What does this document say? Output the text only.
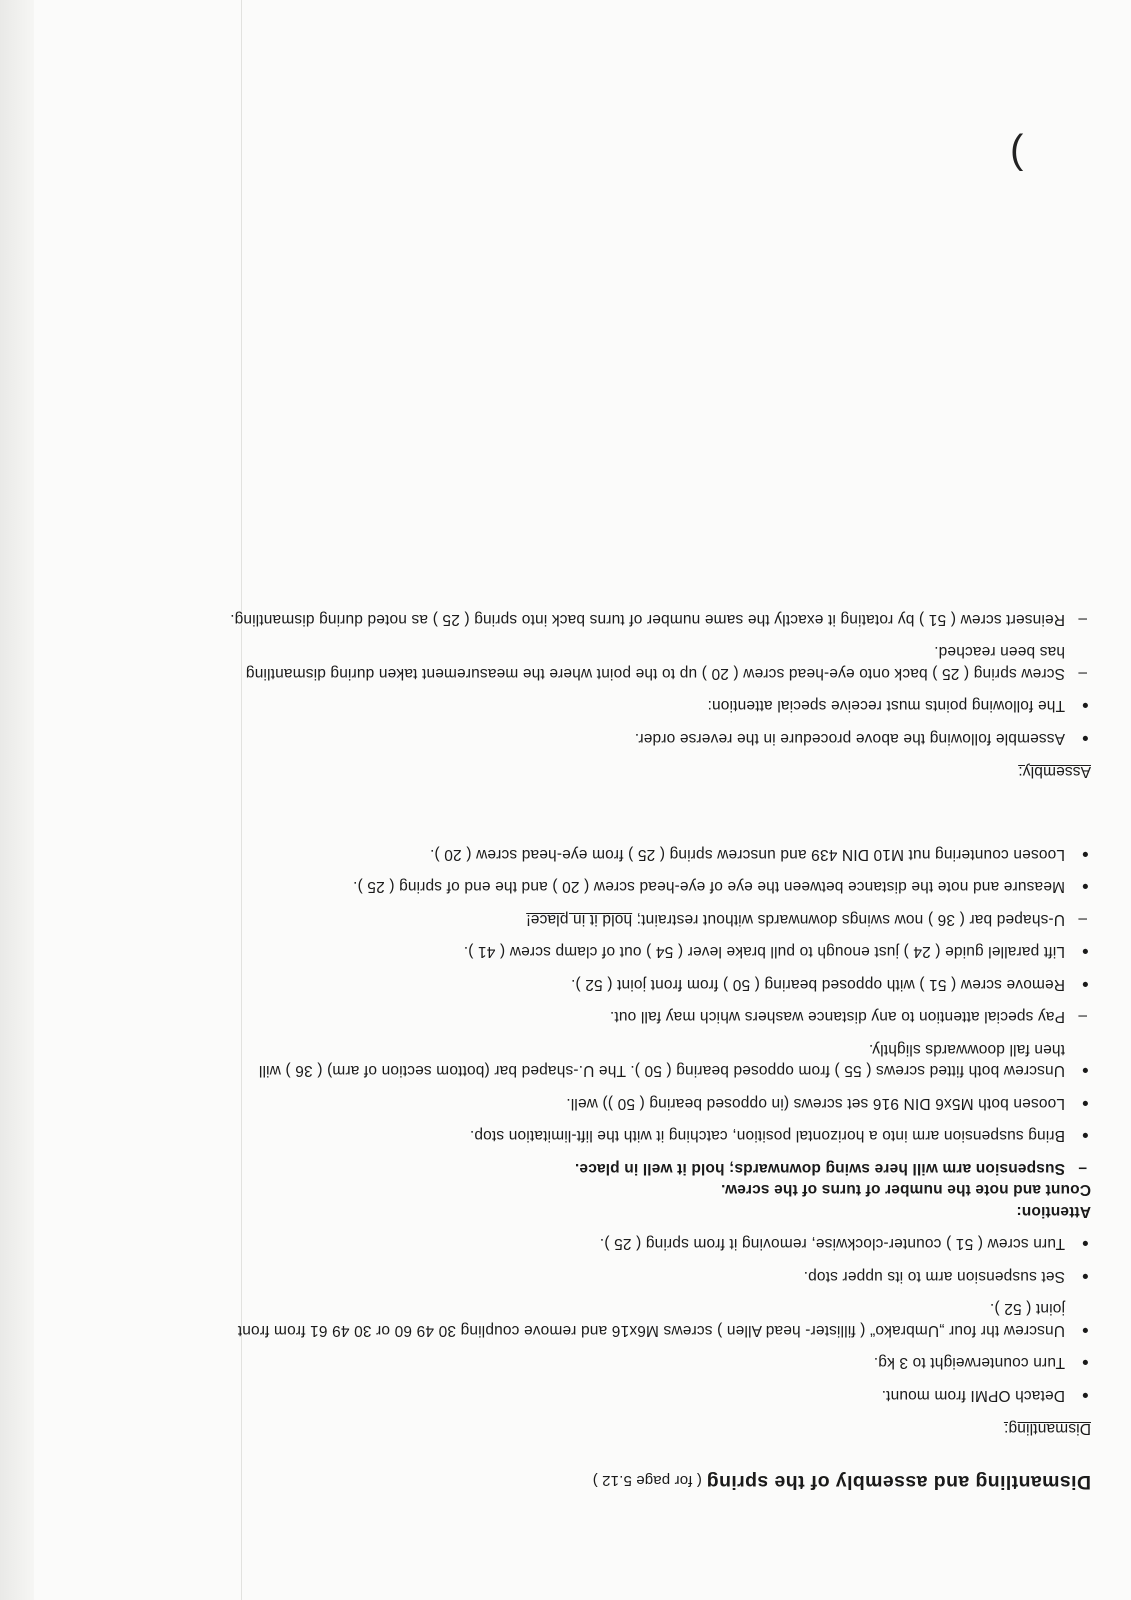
)
Dismantling and assembly of the spring ( for page 5.12 )
Dismantling:
● Detach OPMI from mount.
● Turn counterweight to 3 kg.
● Unscrew thr four „Umbrako“ ( fillister- head Allen ) screws M6x16 and remove coupling 30 49 60 or 30 49 61 from front joint ( 52 ).
● Set suspension arm to its upper stop.
● Turn screw ( 51 ) counter-clockwise, removing it from spring ( 25 ).
Attention:
Count and note the number of turns of the screw.
– Suspension arm will here swing downwards; hold it well in place.
● Bring suspension arm into a horizontal position, catching it with the lift-limitation stop.
● Loosen both M5x6 DIN 916 set screws (in opposed bearing ( 50 )) well.
● Unscrew both fitted screws ( 55 ) from opposed bearing ( 50 ). The U.-shaped bar (bottom section of arm) ( 36 ) will then fall doowwards slightly.
– Pay special attention to any distance washers which may fall out.
● Remove screw ( 51 ) with opposed bearing ( 50 ) from front joint ( 52 ).
● Lift parallel guide ( 24 ) just enough to pull brake lever ( 54 ) out of clamp screw ( 41 ).
– U-shaped bar ( 36 ) now swings downwards without restraint; hold it in place!
● Measure and note the distance between the eye of eye-head screw ( 20 ) and the end of spring ( 25 ).
● Loosen countering nut M10 DIN 439 and unscrew spring ( 25 ) from eye-head screw ( 20 ).
Assembly:
● Assemble following the above procedure in the reverse order.
● The following points must receive special attention:
– Screw spring ( 25 ) back onto eye-head screw ( 20 ) up to the point where the measurement taken during dismantling has been reached.
– Reinsert screw ( 51 ) by rotating it exactly the same number of turns back into spring ( 25 ) as noted during dismantling.
